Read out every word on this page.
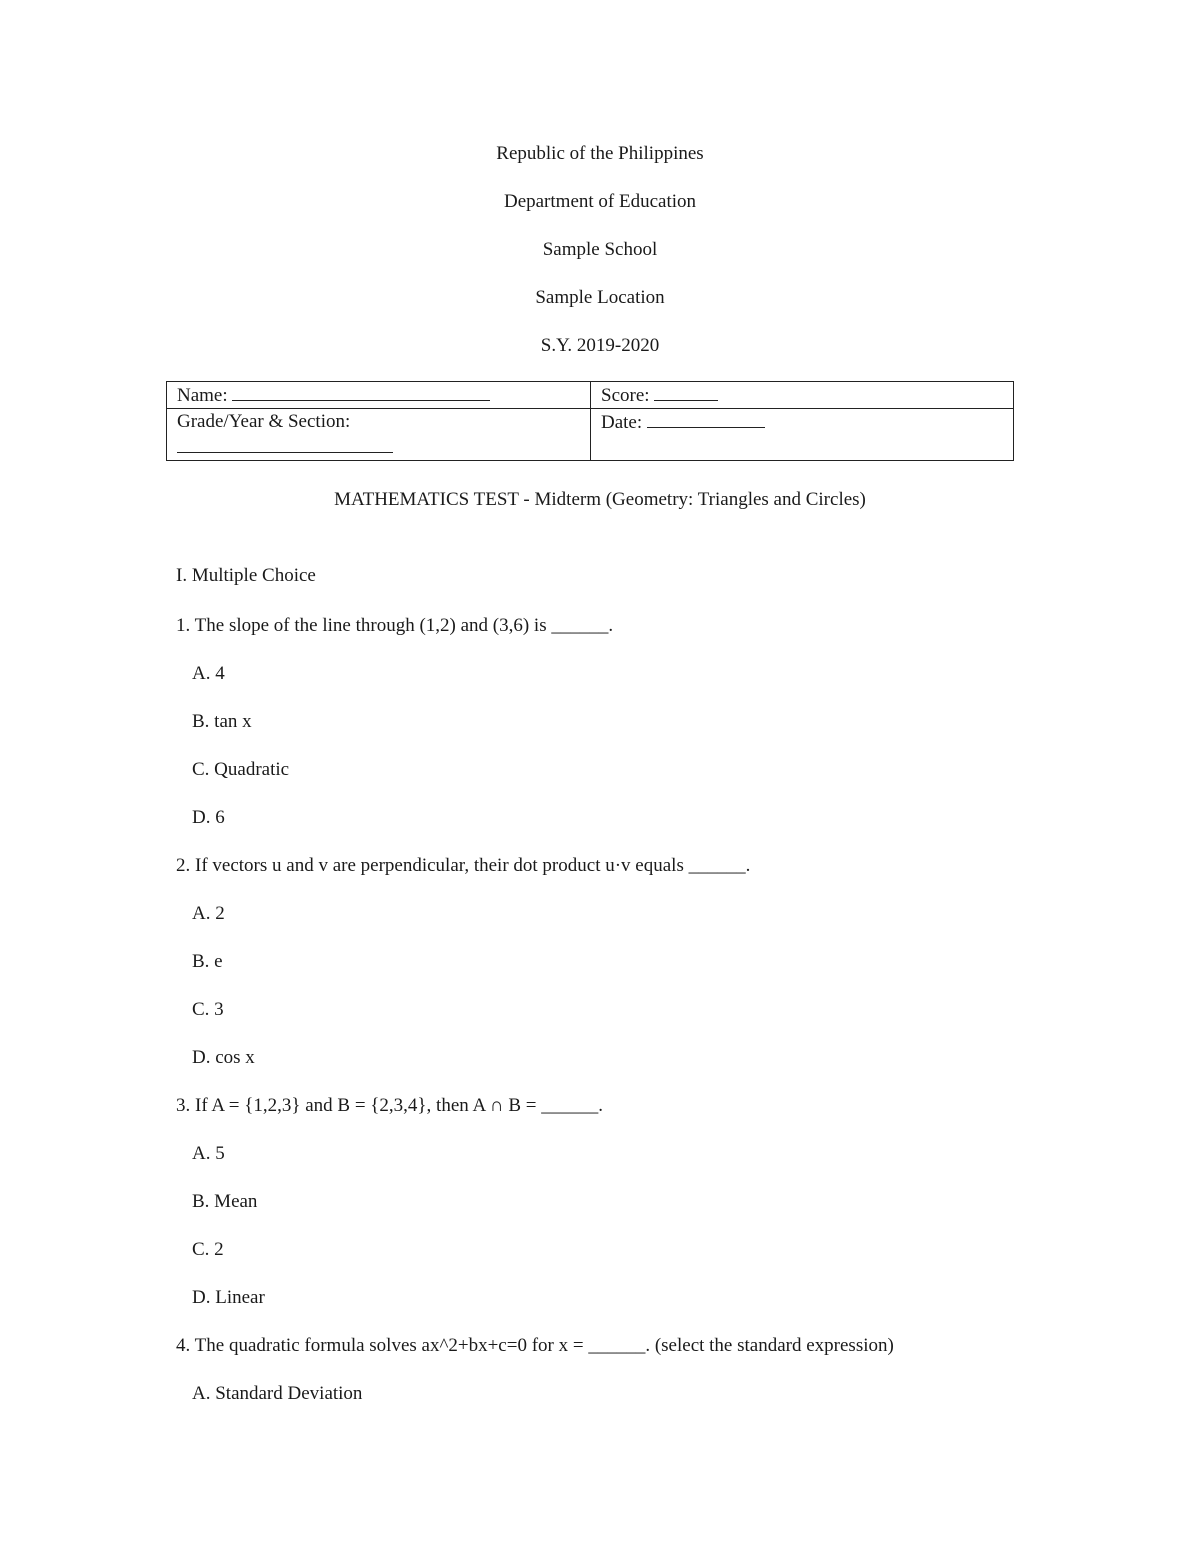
Republic of the Philippines
Department of Education
Sample School
Sample Location
S.Y. 2019-2020
Name:	Score:
Grade/Year & Section:	Date:
MATHEMATICS TEST - Midterm (Geometry: Triangles and Circles)
I. Multiple Choice
1. The slope of the line through (1,2) and (3,6) is ______.
A. 4
B. tan x
C. Quadratic
D. 6
2. If vectors u and v are perpendicular, their dot product u·v equals ______.
A. 2
B. e
C. 3
D. cos x
3. If A = {1,2,3} and B = {2,3,4}, then A ∩ B = ______.
A. 5
B. Mean
C. 2
D. Linear
4. The quadratic formula solves ax^2+bx+c=0 for x = ______. (select the standard expression)
A. Standard Deviation
